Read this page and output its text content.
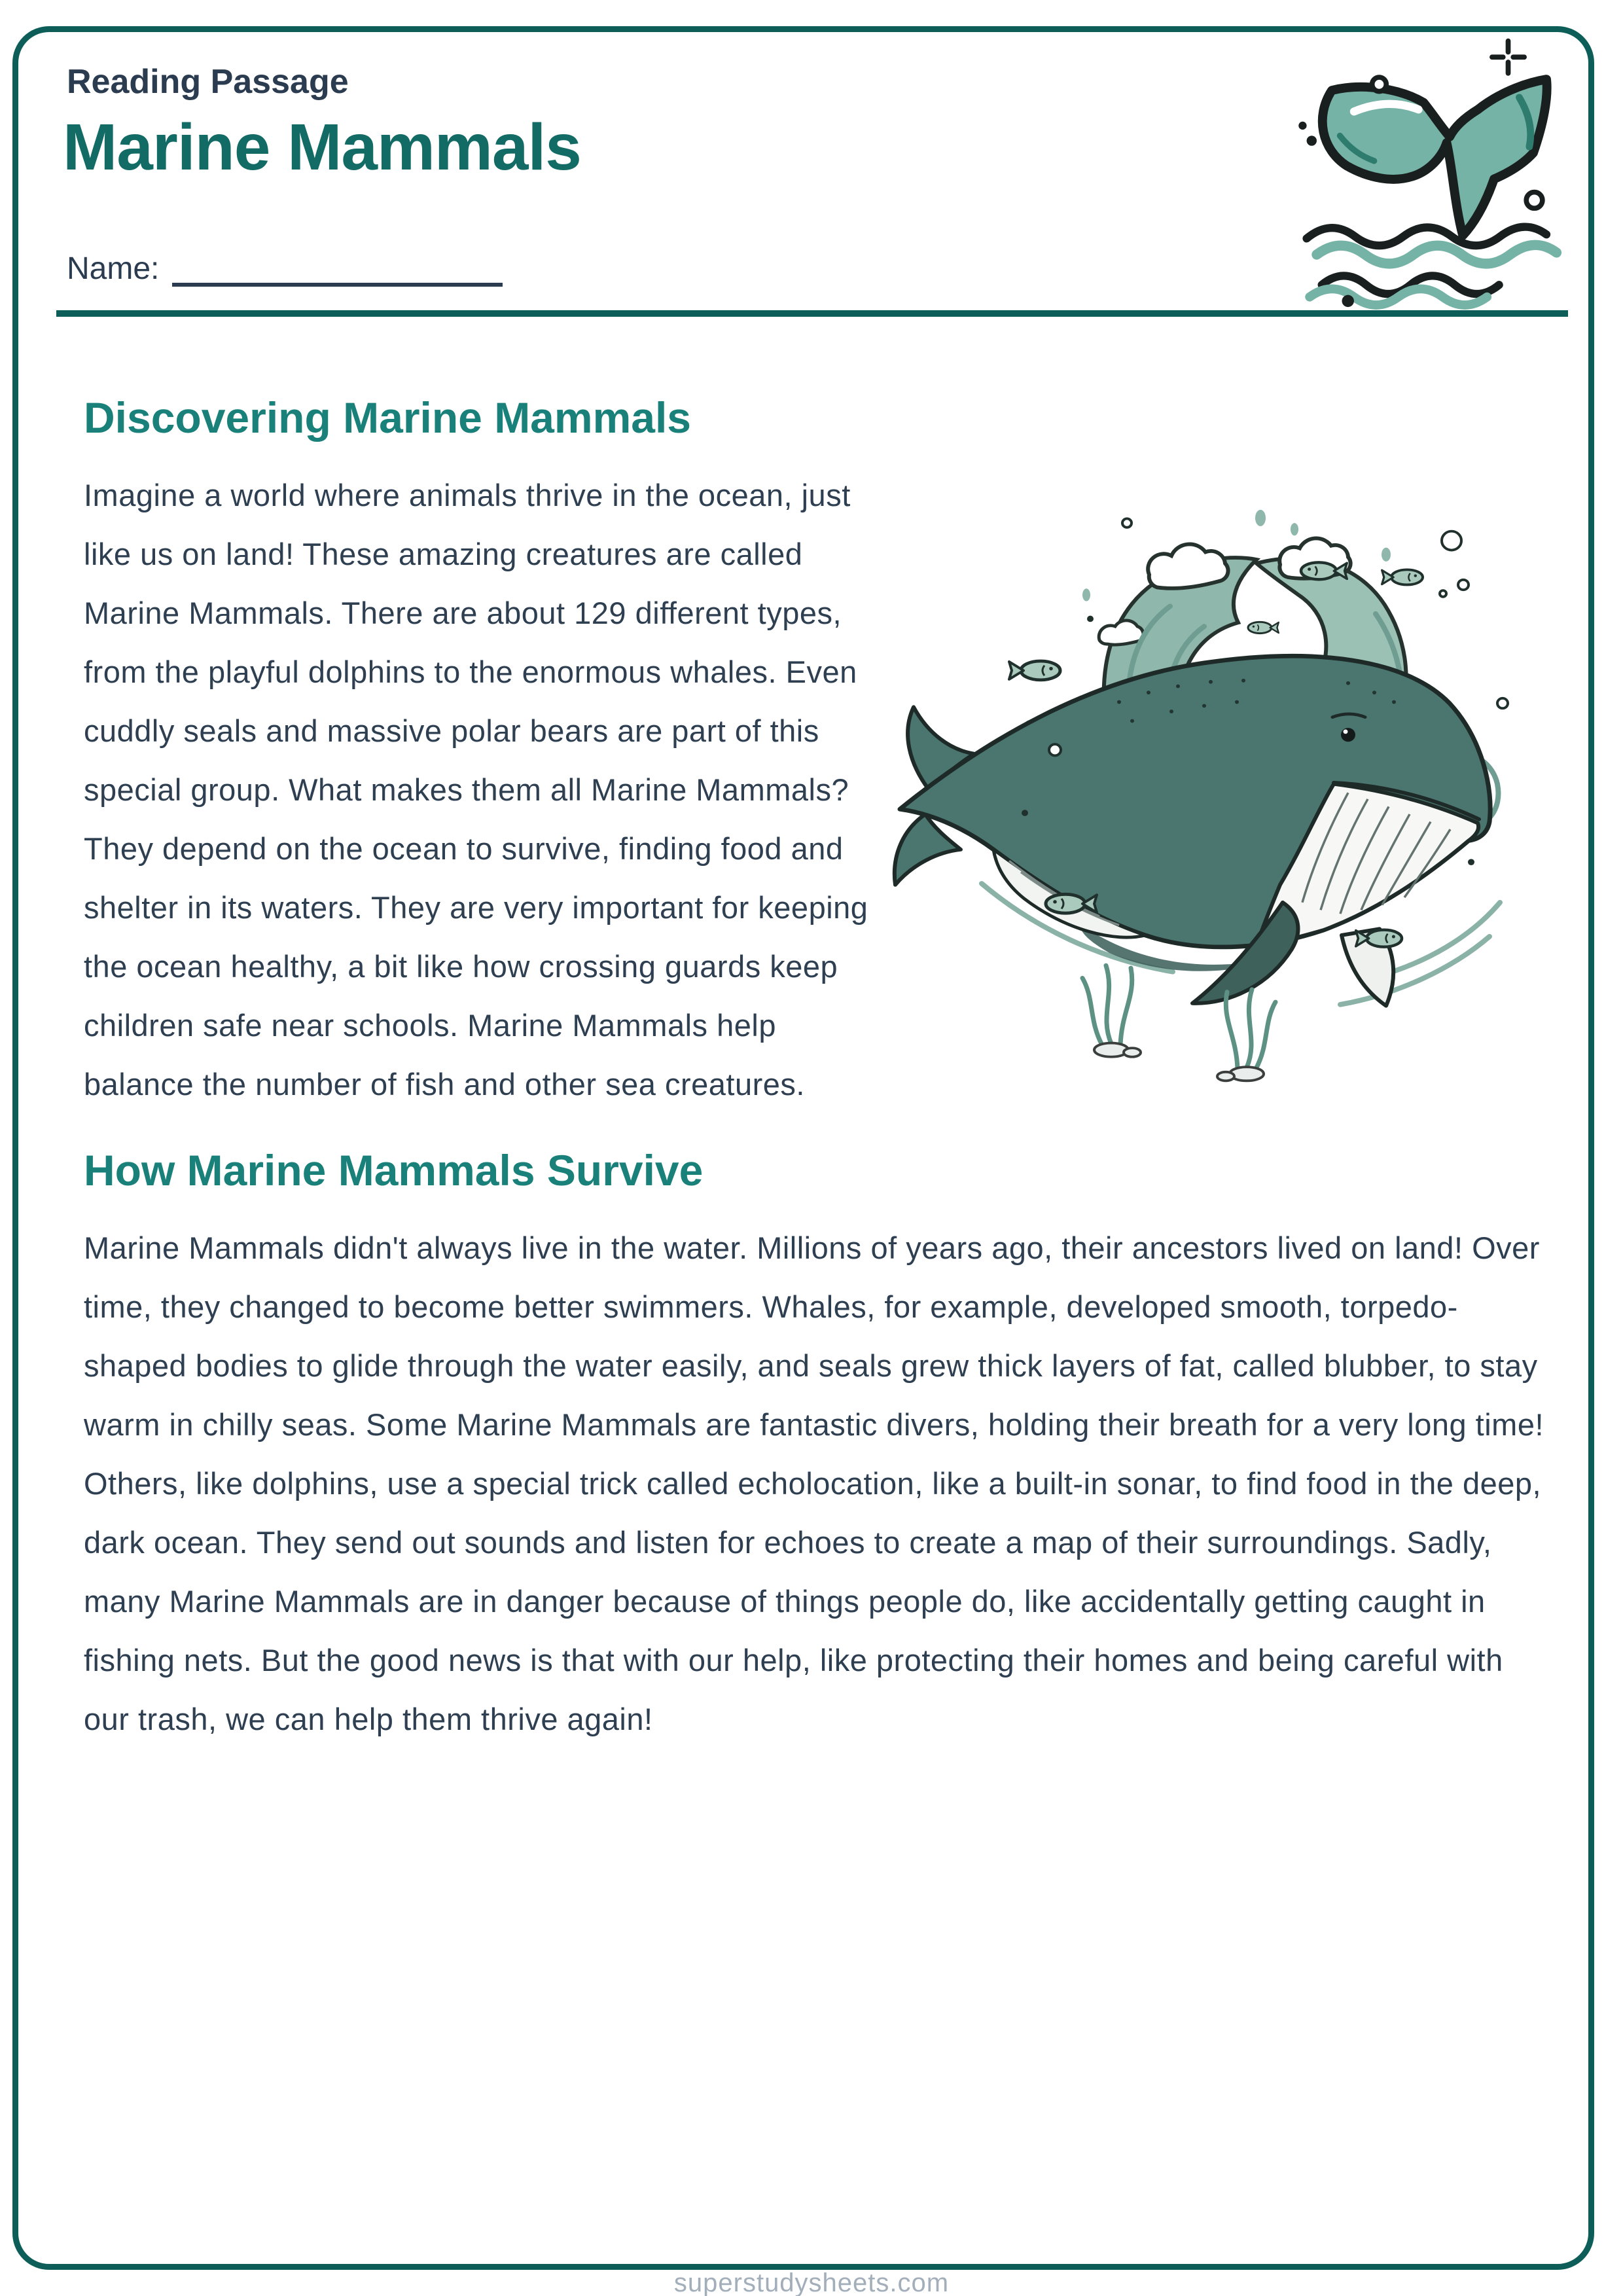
Reading Passage
Marine Mammals
Name:
Discovering Marine Mammals

Imagine a world where animals thrive in the ocean, just like us on land! These amazing creatures are called Marine Mammals. There are about 129 different types, from the playful dolphins to the enormous whales. Even cuddly seals and massive polar bears are part of this special group. What makes them all Marine Mammals? They depend on the ocean to survive, finding food and shelter in its waters. They are very important for keeping the ocean healthy, a bit like how crossing guards keep children safe near schools. Marine Mammals help balance the number of fish and other sea creatures.

How Marine Mammals Survive

Marine Mammals didn't always live in the water. Millions of years ago, their ancestors lived on land! Over time, they changed to become better swimmers. Whales, for example, developed smooth, torpedo-shaped bodies to glide through the water easily, and seals grew thick layers of fat, called blubber, to stay warm in chilly seas. Some Marine Mammals are fantastic divers, holding their breath for a very long time! Others, like dolphins, use a special trick called echolocation, like a built-in sonar, to find food in the deep, dark ocean. They send out sounds and listen for echoes to create a map of their surroundings. Sadly, many Marine Mammals are in danger because of things people do, like accidentally getting caught in fishing nets. But the good news is that with our help, like protecting their homes and being careful with our trash, we can help them thrive again!

superstudysheets.com
